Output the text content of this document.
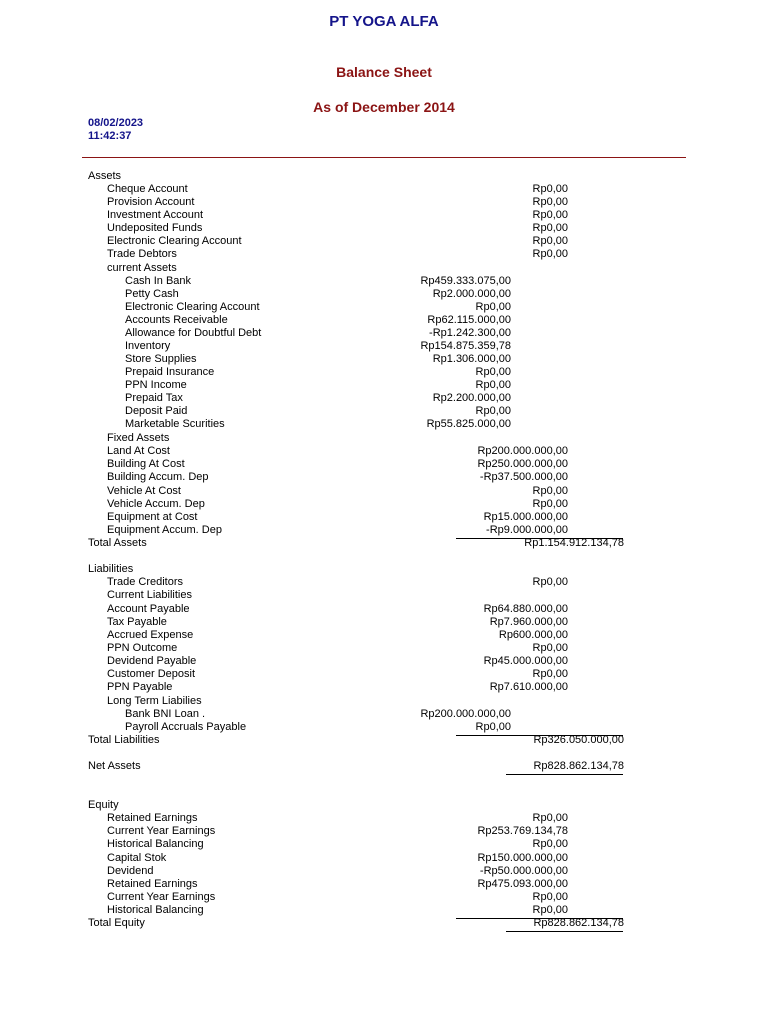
PT YOGA ALFA
Balance Sheet
As of December 2014
08/02/2023
11:42:37
Assets
Cheque Account	Rp0,00
Provision Account	Rp0,00
Investment Account	Rp0,00
Undeposited Funds	Rp0,00
Electronic Clearing Account	Rp0,00
Trade Debtors	Rp0,00
current Assets
Cash In Bank	Rp459.333.075,00
Petty Cash	Rp2.000.000,00
Electronic Clearing Account	Rp0,00
Accounts Receivable	Rp62.115.000,00
Allowance for Doubtful Debt	-Rp1.242.300,00
Inventory	Rp154.875.359,78
Store Supplies	Rp1.306.000,00
Prepaid Insurance	Rp0,00
PPN Income	Rp0,00
Prepaid Tax	Rp2.200.000,00
Deposit Paid	Rp0,00
Marketable Scurities	Rp55.825.000,00
Fixed Assets
Land At Cost	Rp200.000.000,00
Building At Cost	Rp250.000.000,00
Building Accum. Dep	-Rp37.500.000,00
Vehicle At Cost	Rp0,00
Vehicle Accum. Dep	Rp0,00
Equipment at Cost	Rp15.000.000,00
Equipment Accum. Dep	-Rp9.000.000,00
Total Assets	Rp1.154.912.134,78
Liabilities
Trade Creditors	Rp0,00
Current Liabilities
Account Payable	Rp64.880.000,00
Tax Payable	Rp7.960.000,00
Accrued Expense	Rp600.000,00
PPN Outcome	Rp0,00
Devidend Payable	Rp45.000.000,00
Customer Deposit	Rp0,00
PPN Payable	Rp7.610.000,00
Long Term Liabilies
Bank BNI Loan .	Rp200.000.000,00
Payroll Accruals Payable	Rp0,00
Total Liabilities	Rp326.050.000,00
Net Assets	Rp828.862.134,78
Equity
Retained Earnings	Rp0,00
Current Year Earnings	Rp253.769.134,78
Historical Balancing	Rp0,00
Capital Stok	Rp150.000.000,00
Devidend	-Rp50.000.000,00
Retained Earnings	Rp475.093.000,00
Current Year Earnings	Rp0,00
Historical Balancing	Rp0,00
Total Equity	Rp828.862.134,78
